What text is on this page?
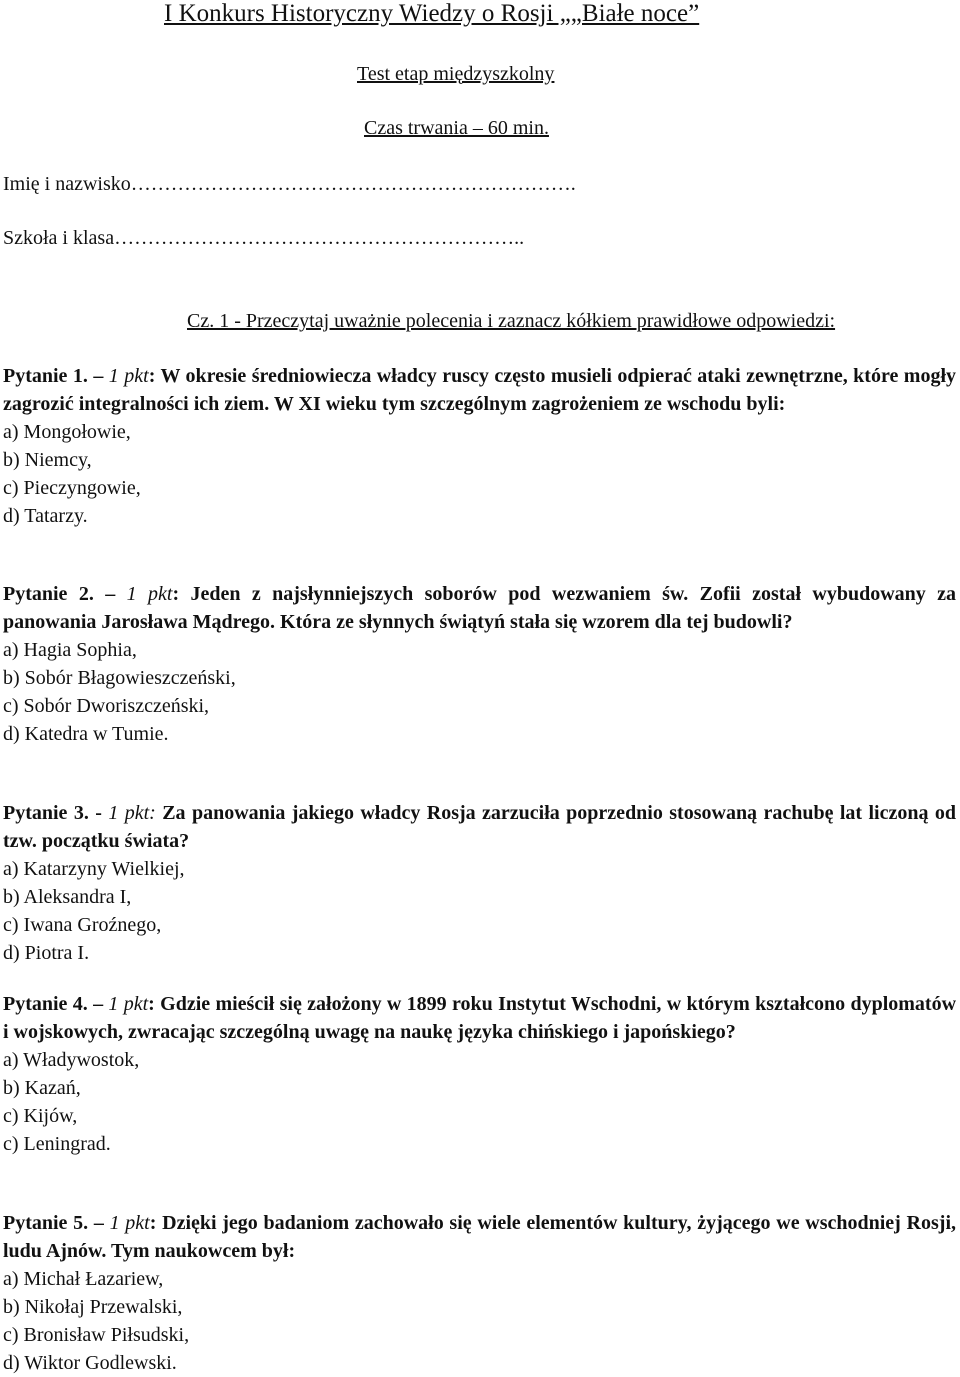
I Konkurs Historyczny Wiedzy o Rosji „„Białe noce”
Test etap międzyszkolny
Czas trwania – 60 min.
Imię i nazwisko………………………………………………………….
Szkoła i klasa……………………………………………………..
Cz. 1 - Przeczytaj uważnie polecenia i zaznacz kółkiem prawidłowe odpowiedzi:

Pytanie 1. – 1 pkt: W okresie średniowiecza władcy ruscy często musieli odpierać ataki zewnętrzne, które mogły zagrozić integralności ich ziem. W XI wieku tym szczególnym zagrożeniem ze wschodu byli:

a) Mongołowie,

b) Niemcy,

c) Pieczyngowie,

d) Tatarzy.

Pytanie 2. – 1 pkt: Jeden z najsłynniejszych soborów pod wezwaniem św. Zofii został wybudowany za panowania Jarosława Mądrego. Która ze słynnych świątyń stała się wzorem dla tej budowli?

a) Hagia Sophia,

b) Sobór Błagowieszczeński,

c) Sobór Dworiszczeński,

d) Katedra w Tumie.

Pytanie 3. - 1 pkt: Za panowania jakiego władcy Rosja zarzuciła poprzednio stosowaną rachubę lat liczoną od tzw. początku świata?

a) Katarzyny Wielkiej,

b) Aleksandra I,

c) Iwana Groźnego,

d) Piotra I.

Pytanie 4. – 1 pkt: Gdzie mieścił się założony w 1899 roku Instytut Wschodni, w którym kształcono dyplomatów i wojskowych, zwracając szczególną uwagę na naukę języka chińskiego i japońskiego?

a) Władywostok,

b) Kazań,

c) Kijów,

c) Leningrad.

Pytanie 5. – 1 pkt: Dzięki jego badaniom zachowało się wiele elementów kultury, żyjącego we wschodniej Rosji, ludu Ajnów. Tym naukowcem był:

a) Michał Łazariew,

b) Nikołaj Przewalski,

c) Bronisław Piłsudski,

d) Wiktor Godlewski.
